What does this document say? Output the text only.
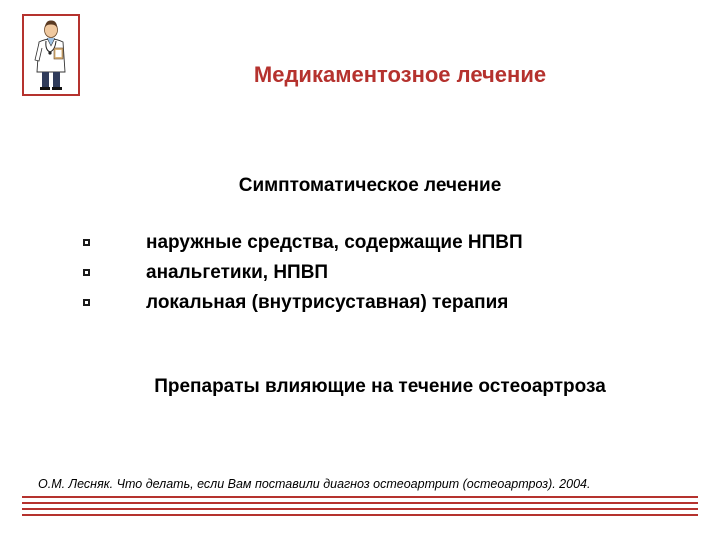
Медикаментозное лечение
Симптоматическое лечение
наружные средства, содержащие НПВП
анальгетики, НПВП
локальная (внутрисуставная) терапия
Препараты влияющие на течение остеоартроза
О.М. Лесняк. Что делать, если Вам поставили диагноз остеоартрит (остеоартроз). 2004.
